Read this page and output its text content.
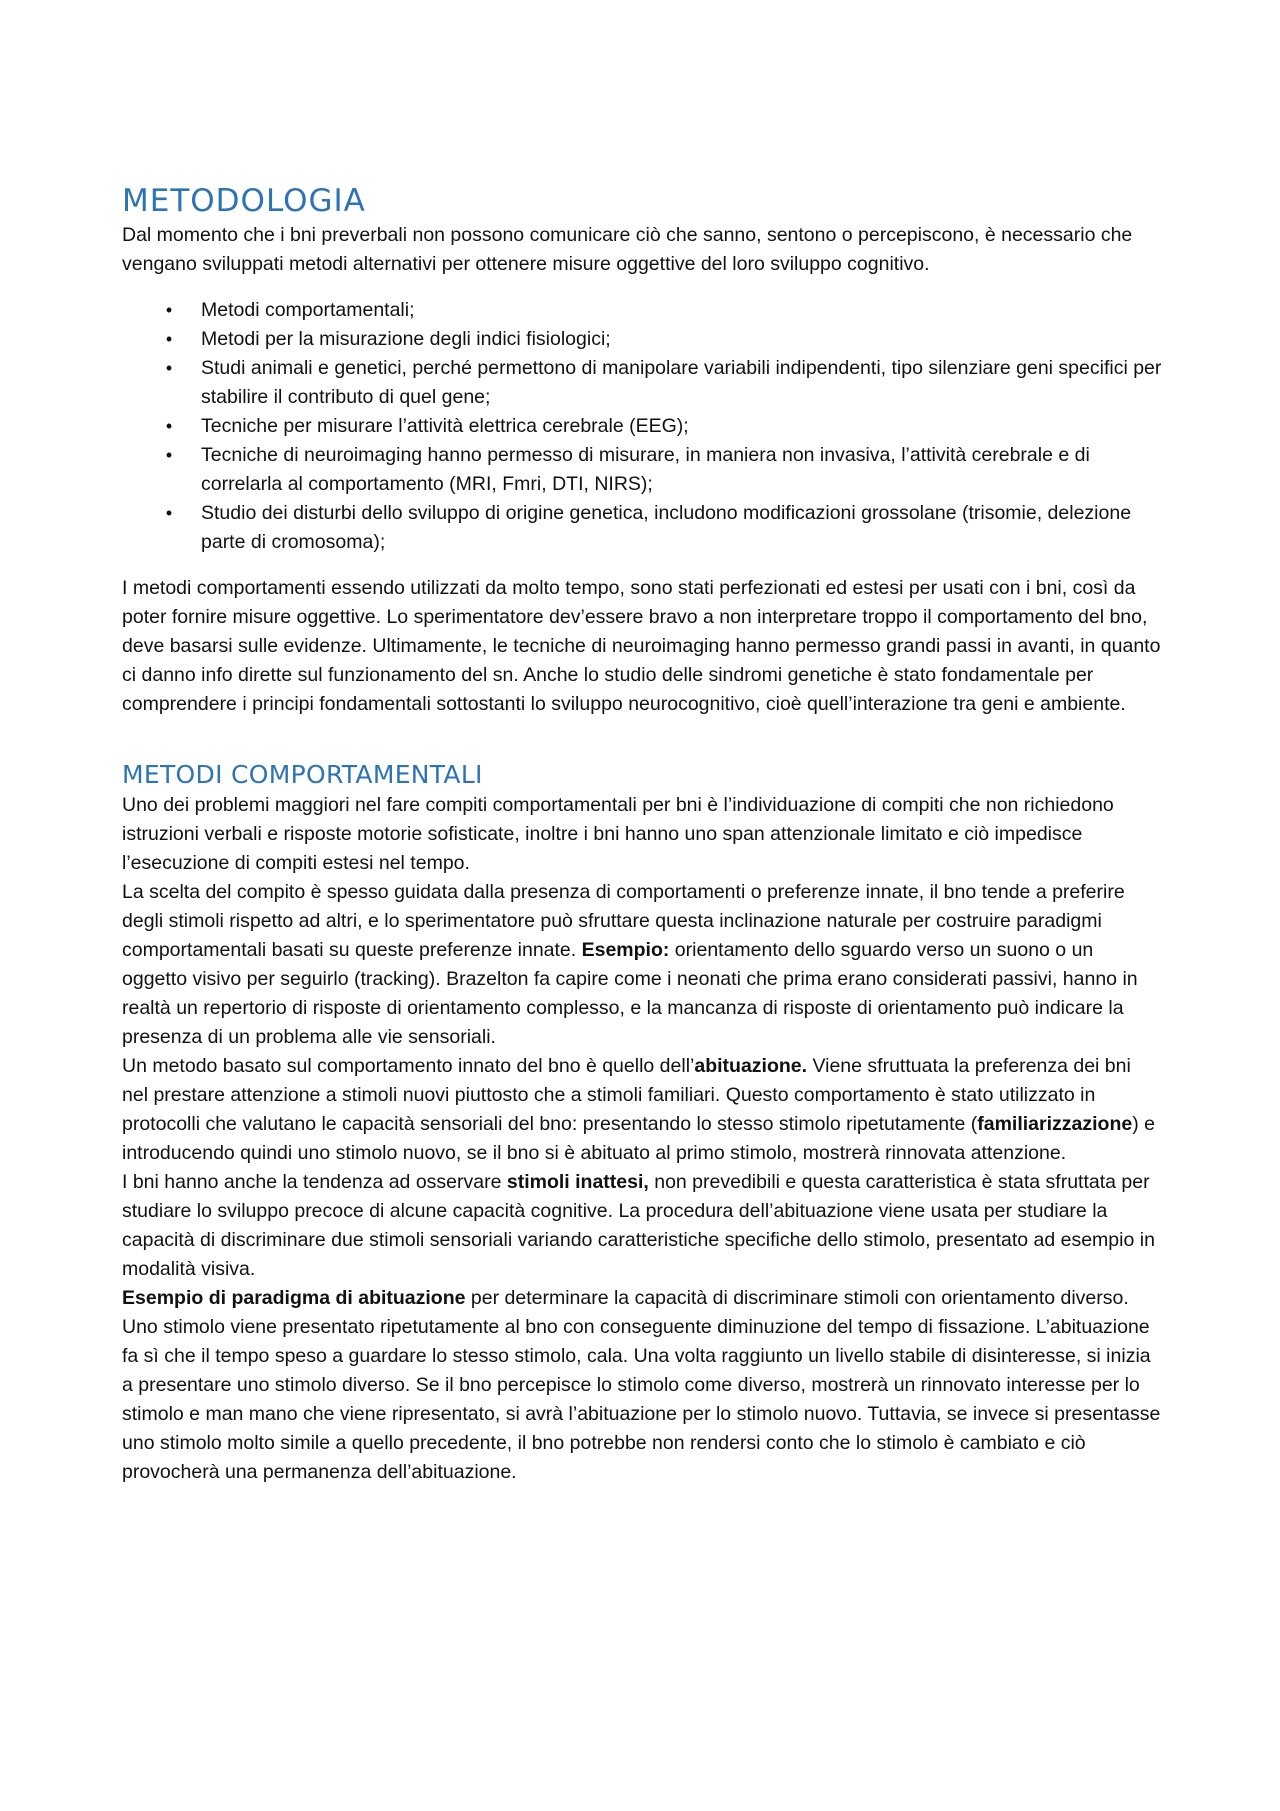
METODOLOGIA

Dal momento che i bni preverbali non possono comunicare ciò che sanno, sentono o percepiscono, è necessario che vengano sviluppati metodi alternativi per ottenere misure oggettive del loro sviluppo cognitivo.

• Metodi comportamentali;
• Metodi per la misurazione degli indici fisiologici;
• Studi animali e genetici, perché permettono di manipolare variabili indipendenti, tipo silenziare geni specifici per stabilire il contributo di quel gene;
• Tecniche per misurare l’attività elettrica cerebrale (EEG);
• Tecniche di neuroimaging hanno permesso di misurare, in maniera non invasiva, l’attività cerebrale e di correlarla al comportamento (MRI, Fmri, DTI, NIRS);
• Studio dei disturbi dello sviluppo di origine genetica, includono modificazioni grossolane (trisomie, delezione parte di cromosoma);

I metodi comportamenti essendo utilizzati da molto tempo, sono stati perfezionati ed estesi per usati con i bni, così da poter fornire misure oggettive. Lo sperimentatore dev’essere bravo a non interpretare troppo il comportamento del bno, deve basarsi sulle evidenze. Ultimamente, le tecniche di neuroimaging hanno permesso grandi passi in avanti, in quanto ci danno info dirette sul funzionamento del sn. Anche lo studio delle sindromi genetiche è stato fondamentale per comprendere i principi fondamentali sottostanti lo sviluppo neurocognitivo, cioè quell’interazione tra geni e ambiente.

METODI COMPORTAMENTALI

Uno dei problemi maggiori nel fare compiti comportamentali per bni è l’individuazione di compiti che non richiedono istruzioni verbali e risposte motorie sofisticate, inoltre i bni hanno uno span attenzionale limitato e ciò impedisce l’esecuzione di compiti estesi nel tempo.

La scelta del compito è spesso guidata dalla presenza di comportamenti o preferenze innate, il bno tende a preferire degli stimoli rispetto ad altri, e lo sperimentatore può sfruttare questa inclinazione naturale per costruire paradigmi comportamentali basati su queste preferenze innate. Esempio: orientamento dello sguardo verso un suono o un oggetto visivo per seguirlo (tracking). Brazelton fa capire come i neonati che prima erano considerati passivi, hanno in realtà un repertorio di risposte di orientamento complesso, e la mancanza di risposte di orientamento può indicare la presenza di un problema alle vie sensoriali.

Un metodo basato sul comportamento innato del bno è quello dell’abituazione. Viene sfruttuata la preferenza dei bni nel prestare attenzione a stimoli nuovi piuttosto che a stimoli familiari. Questo comportamento è stato utilizzato in protocolli che valutano le capacità sensoriali del bno: presentando lo stesso stimolo ripetutamente (familiarizzazione) e introducendo quindi uno stimolo nuovo, se il bno si è abituato al primo stimolo, mostrerà rinnovata attenzione.

I bni hanno anche la tendenza ad osservare stimoli inattesi, non prevedibili e questa caratteristica è stata sfruttata per studiare lo sviluppo precoce di alcune capacità cognitive. La procedura dell’abituazione viene usata per studiare la capacità di discriminare due stimoli sensoriali variando caratteristiche specifiche dello stimolo, presentato ad esempio in modalità visiva.

Esempio di paradigma di abituazione per determinare la capacità di discriminare stimoli con orientamento diverso. Uno stimolo viene presentato ripetutamente al bno con conseguente diminuzione del tempo di fissazione. L’abituazione fa sì che il tempo speso a guardare lo stesso stimolo, cala. Una volta raggiunto un livello stabile di disinteresse, si inizia a presentare uno stimolo diverso. Se il bno percepisce lo stimolo come diverso, mostrerà un rinnovato interesse per lo stimolo e man mano che viene ripresentato, si avrà l’abituazione per lo stimolo nuovo. Tuttavia, se invece si presentasse uno stimolo molto simile a quello precedente, il bno potrebbe non rendersi conto che lo stimolo è cambiato e ciò provocherà una permanenza dell’abituazione.
